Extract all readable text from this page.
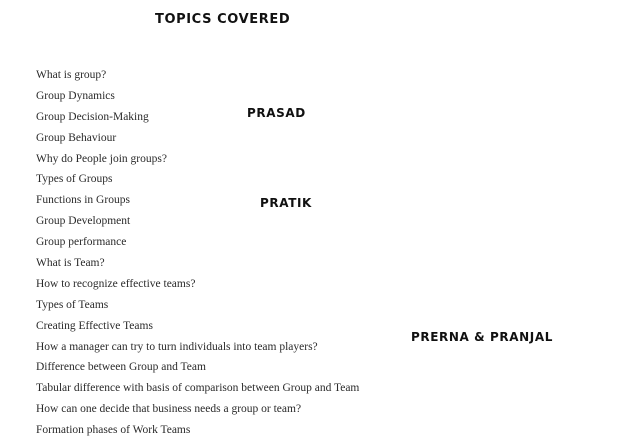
TOPICS COVERED
What is group?
Group Dynamics
Group Decision-Making
Group Behaviour
Why do People join groups?
Types of Groups
Functions in Groups
Group Development
Group performance
What is Team?
How to recognize effective teams?
Types of Teams
Creating Effective Teams
How a manager can try to turn individuals into team players?
Difference between Group and Team
Tabular difference with basis of comparison between Group and Team
How can one decide that business needs a group or team?
Formation phases of Work Teams
PRASAD
PRATIK
PRERNA & PRANJAL
